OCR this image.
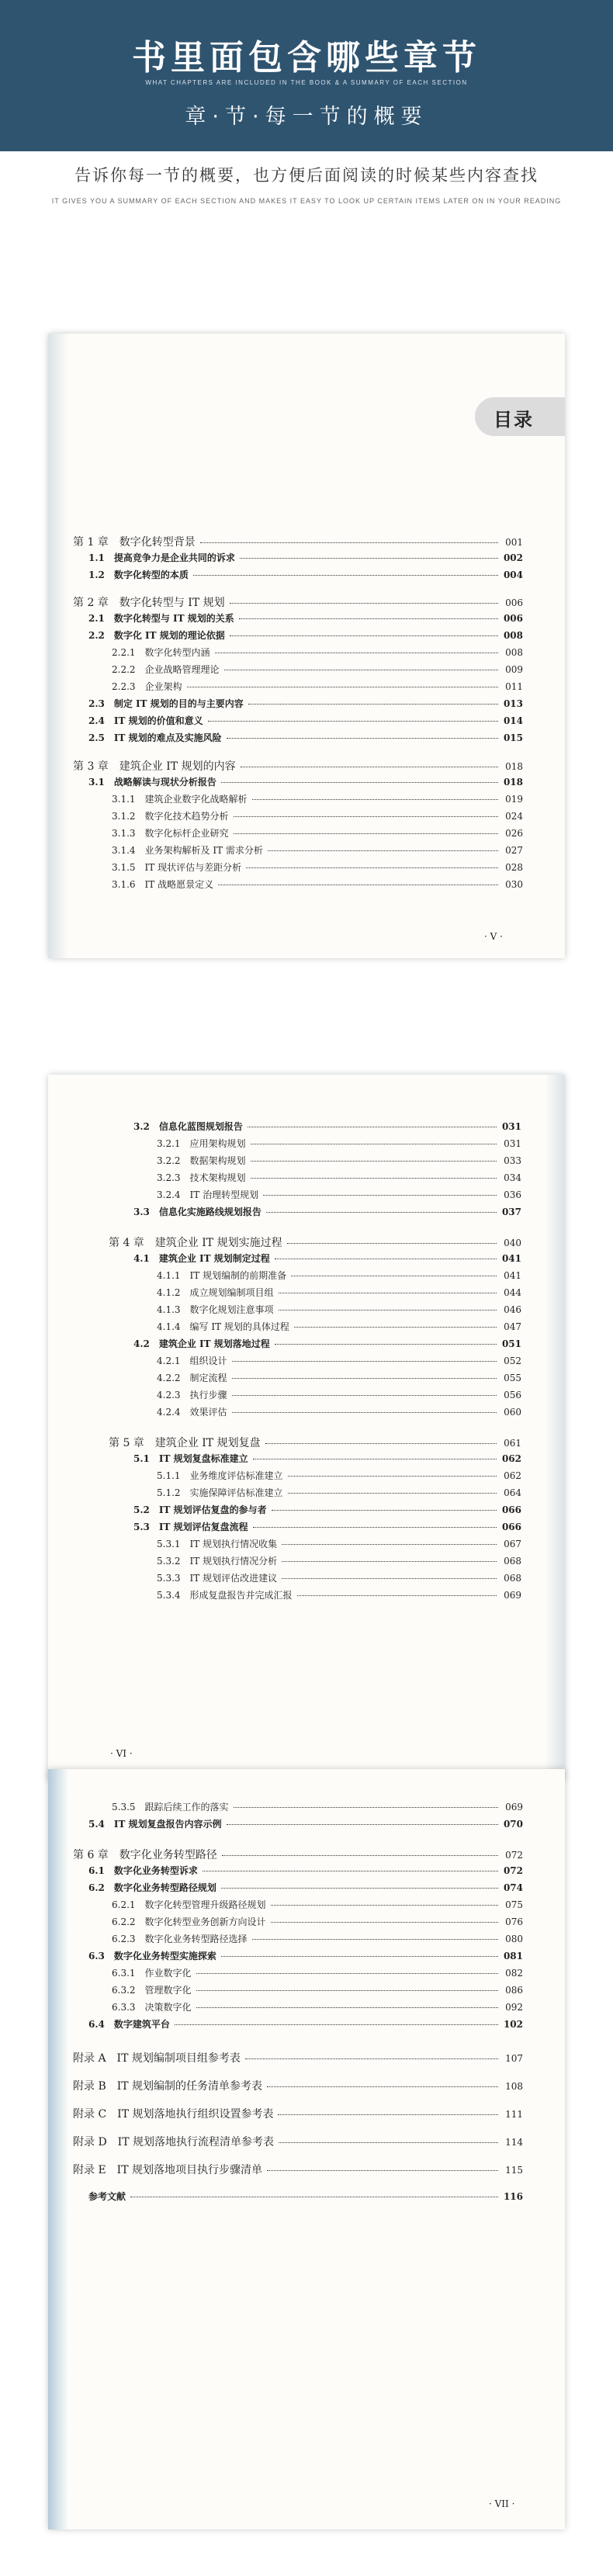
书里面包含哪些章节
WHAT CHAPTERS ARE INCLUDED IN THE BOOK & A SUMMARY OF EACH SECTION
章·节·每一节的概要
告诉你每一节的概要，也方便后面阅读的时候某些内容查找
IT GIVES YOU A SUMMARY OF EACH SECTION AND MAKES IT EASY TO LOOK UP CERTAIN ITEMS LATER ON IN YOUR READING
目录
第 1 章　数字化转型背景	001
1.1　提高竞争力是企业共同的诉求	002
1.2　数字化转型的本质	004
第 2 章　数字化转型与 IT 规划	006
2.1　数字化转型与 IT 规划的关系	006
2.2　数字化 IT 规划的理论依据	008
2.2.1　数字化转型内涵	008
2.2.2　企业战略管理理论	009
2.2.3　企业架构	011
2.3　制定 IT 规划的目的与主要内容	013
2.4　IT 规划的价值和意义	014
2.5　IT 规划的难点及实施风险	015
第 3 章　建筑企业 IT 规划的内容	018
3.1　战略解读与现状分析报告	018
3.1.1　建筑企业数字化战略解析	019
3.1.2　数字化技术趋势分析	024
3.1.3　数字化标杆企业研究	026
3.1.4　业务架构解析及 IT 需求分析	027
3.1.5　IT 现状评估与差距分析	028
3.1.6　IT 战略愿景定义	030
· V ·
3.2　信息化蓝图规划报告	031
3.2.1　应用架构规划	031
3.2.2　数据架构规划	033
3.2.3　技术架构规划	034
3.2.4　IT 治理转型规划	036
3.3　信息化实施路线规划报告	037
第 4 章　建筑企业 IT 规划实施过程	040
4.1　建筑企业 IT 规划制定过程	041
4.1.1　IT 规划编制的前期准备	041
4.1.2　成立规划编制项目组	044
4.1.3　数字化规划注意事项	046
4.1.4　编写 IT 规划的具体过程	047
4.2　建筑企业 IT 规划落地过程	051
4.2.1　组织设计	052
4.2.2　制定流程	055
4.2.3　执行步骤	056
4.2.4　效果评估	060
第 5 章　建筑企业 IT 规划复盘	061
5.1　IT 规划复盘标准建立	062
5.1.1　业务维度评估标准建立	062
5.1.2　实施保障评估标准建立	064
5.2　IT 规划评估复盘的参与者	066
5.3　IT 规划评估复盘流程	066
5.3.1　IT 规划执行情况收集	067
5.3.2　IT 规划执行情况分析	068
5.3.3　IT 规划评估改进建议	068
5.3.4　形成复盘报告并完成汇报	069
· VI ·
5.3.5　跟踪后续工作的落实	069
5.4　IT 规划复盘报告内容示例	070
第 6 章　数字化业务转型路径	072
6.1　数字化业务转型诉求	072
6.2　数字化业务转型路径规划	074
6.2.1　数字化转型管理升级路径规划	075
6.2.2　数字化转型业务创新方向设计	076
6.2.3　数字化业务转型路径选择	080
6.3　数字化业务转型实施探索	081
6.3.1　作业数字化	082
6.3.2　管理数字化	086
6.3.3　决策数字化	092
6.4　数字建筑平台	102
附录 A　IT 规划编制项目组参考表	107
附录 B　IT 规划编制的任务清单参考表	108
附录 C　IT 规划落地执行组织设置参考表	111
附录 D　IT 规划落地执行流程清单参考表	114
附录 E　IT 规划落地项目执行步骤清单	115
参考文献	116
· VII ·
